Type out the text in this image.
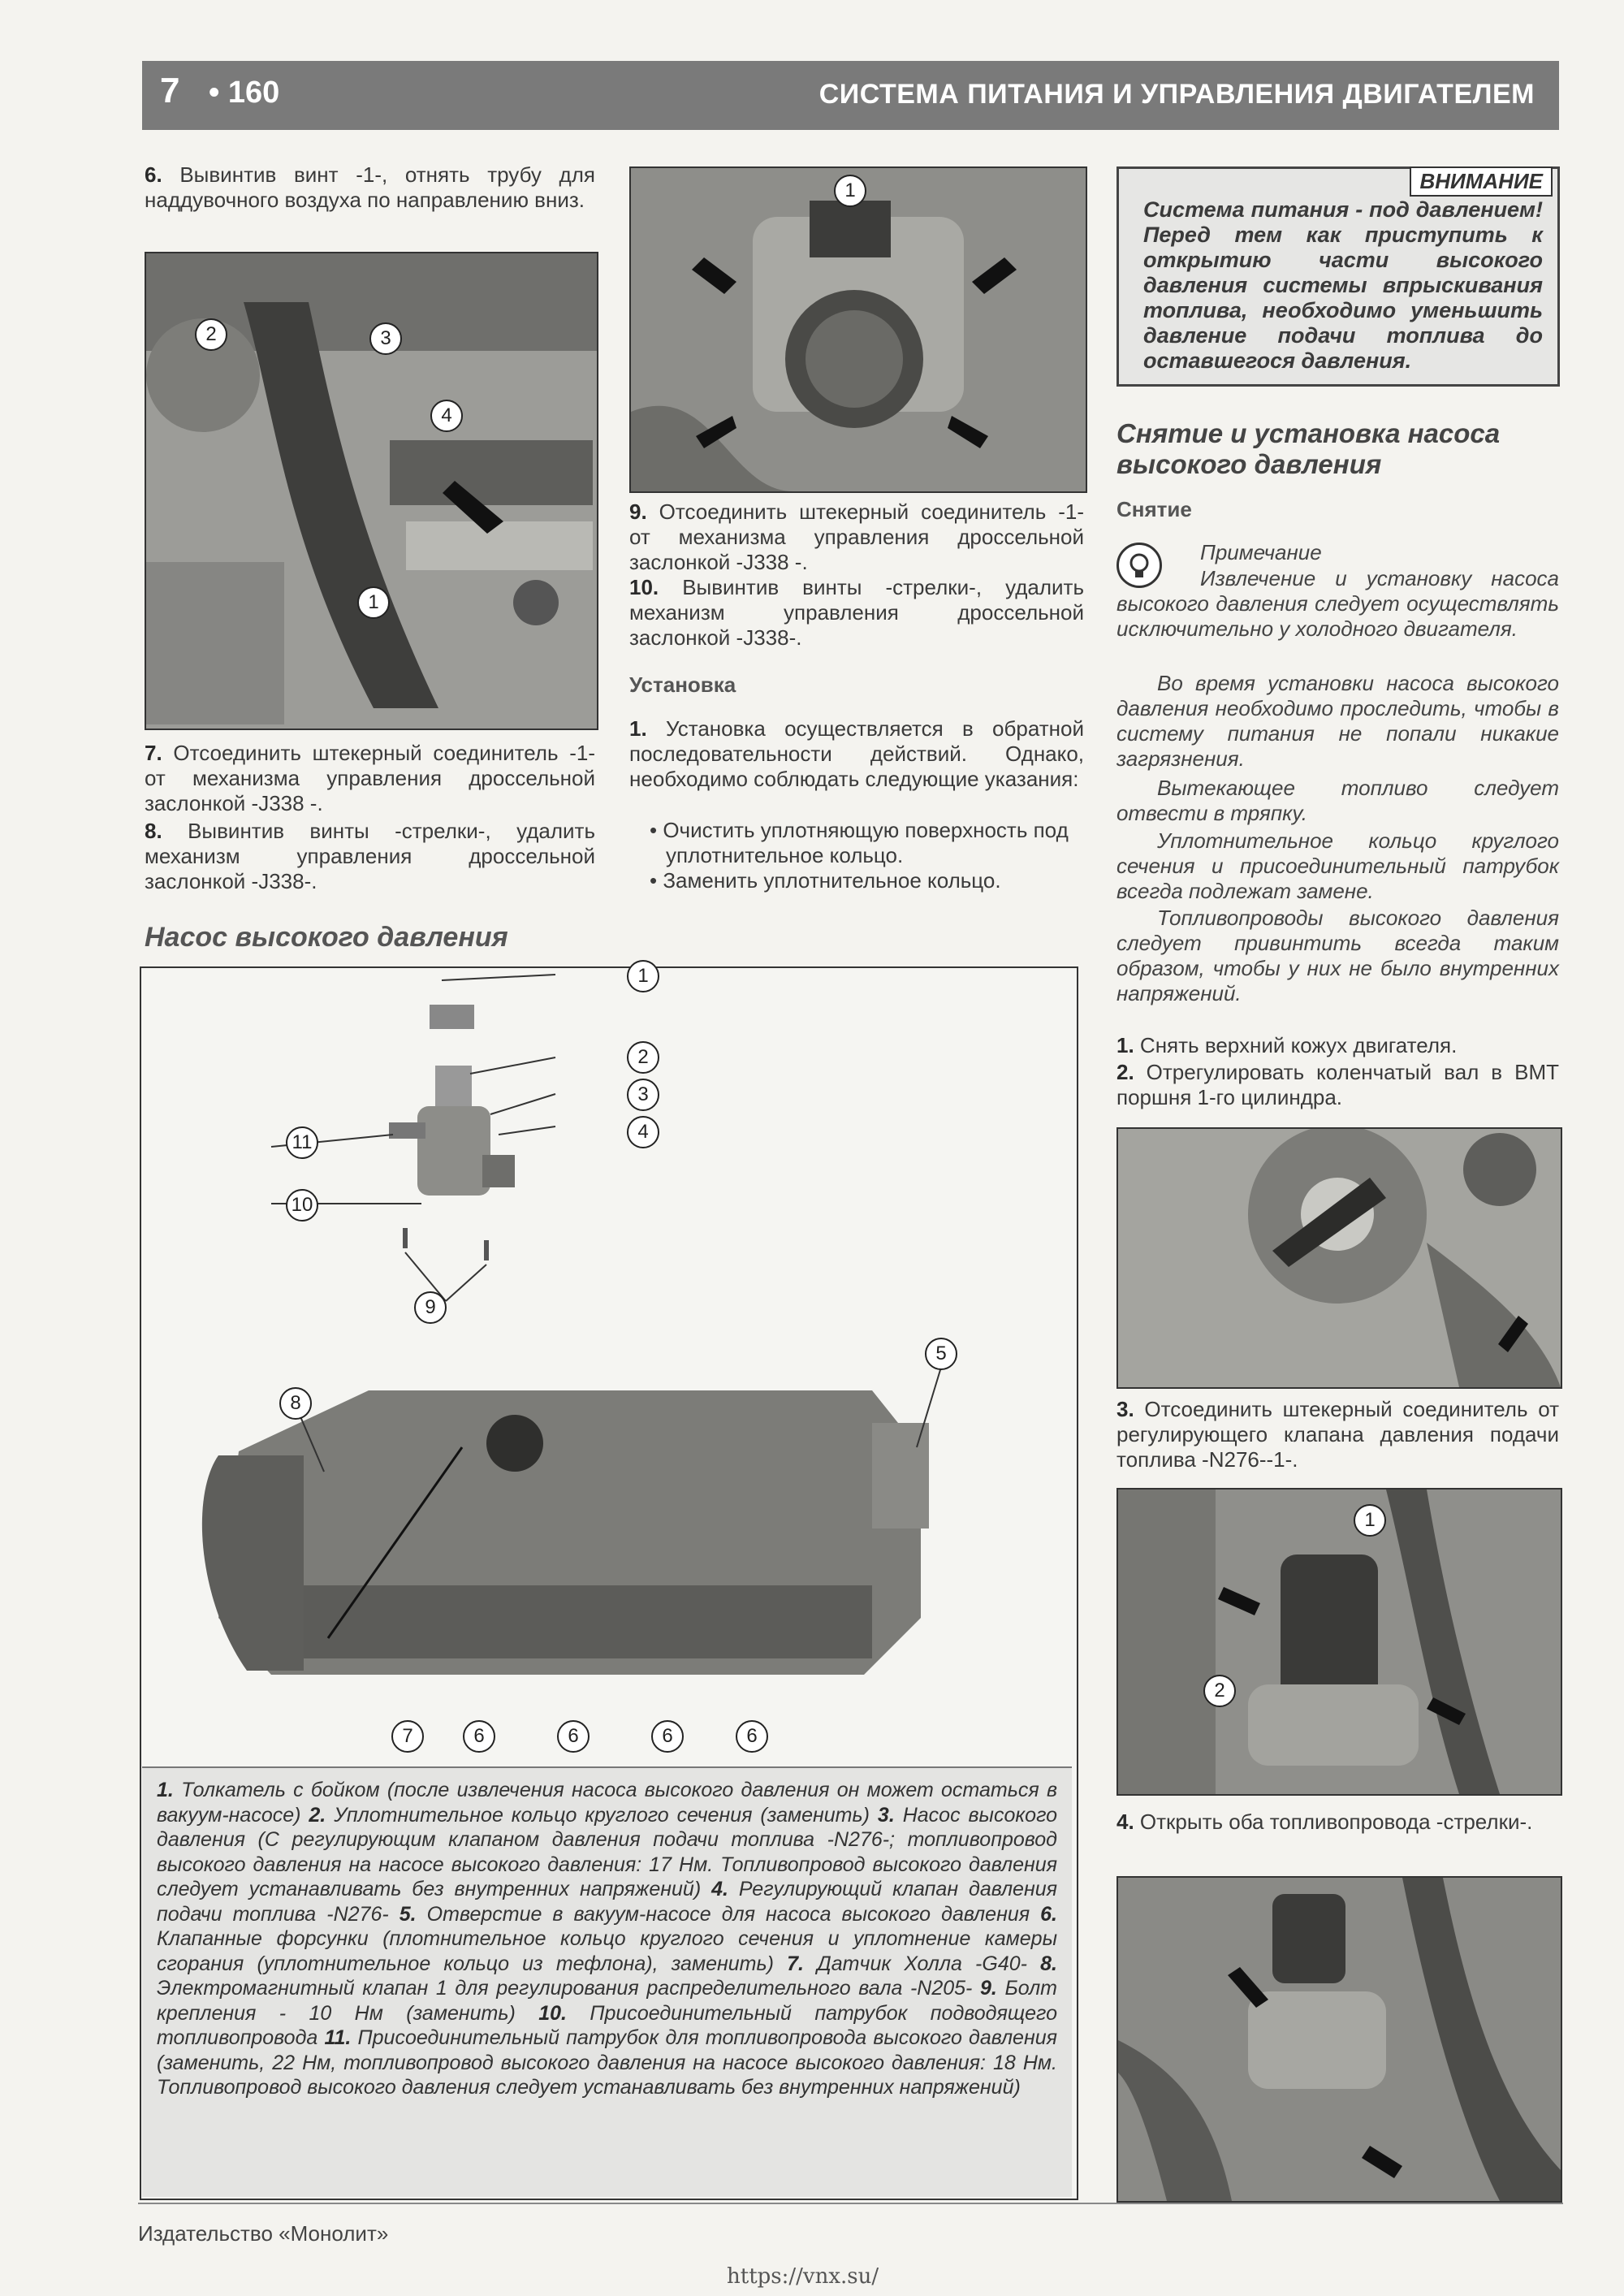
7 • 160	СИСТЕМА ПИТАНИЯ И УПРАВЛЕНИЯ ДВИГАТЕЛЕМ
6. Вывинтив винт -1-, отнять трубу для наддувочного воздуха по направлению вниз.
1
2	3
4
7. Отсоединить штекерный соединитель -1- от механизма управления дроссельной заслонкой -J338 -.
8. Вывинтив винты -стрелки-, удалить механизм управления дроссельной заслонкой -J338-.
1
9. Отсоединить штекерный соединитель -1- от механизма управления дроссельной заслонкой -J338 -.
10. Вывинтив винты -стрелки-, удалить механизм управления дроссельной заслонкой -J338-.
Установка
1. Установка осуществляется в обратной последовательности действий. Однако, необходимо соблюдать следующие указания:
• Очистить уплотняющую поверхность под уплотнительное кольцо.
• Заменить уплотнительное кольцо.
Насос высокого давления
1
2
3
4
11
10
9
8
5
7	6	6	6	6
1. Толкатель с бойком (после извлечения насоса высокого давления он может остаться в вакуум-насосе) 2. Уплотнительное кольцо круглого сечения (заменить) 3. Насос высокого давления (С регулирующим клапаном давления подачи топлива -N276-; топливопровод высокого давления на насосе высокого давления: 17 Нм. Топливопровод высокого давления следует устанавливать без внутренних напряжений) 4. Регулирующий клапан давления подачи топлива -N276- 5. Отверстие в вакуум-насосе для насоса высокого давления 6. Клапанные форсунки (плотнительное кольцо круглого сечения и уплотнение камеры сгорания (уплотнительное кольцо из тефлона), заменить) 7. Датчик Холла -G40- 8. Электромагнитный клапан 1 для регулирования распределительного вала -N205- 9. Болт крепления - 10 Нм (заменить) 10. Присоединительный патрубок подводящего топливопровода 11. Присоединительный патрубок для топливопровода высокого давления (заменить, 22 Нм, топливопровод высокого давления на насосе высокого давления: 18 Нм. Топливопровод высокого давления следует устанавливать без внутренних напряжений)
ВНИМАНИЕ
Система питания - под давлением! Перед тем как приступить к открытию части высокого давления системы впрыскивания топлива, необходимо уменьшить давление подачи топлива до оставшегося давления.
Снятие и установка насоса высокого давления
Снятие
Примечание
Извлечение и установку насоса высокого давления следует осуществлять исключительно у холодного двигателя.
Во время установки насоса высокого давления необходимо проследить, чтобы в систему питания не попали никакие загрязнения.
Вытекающее топливо следует отвести в тряпку.
Уплотнительное кольцо круглого сечения и присоединительный патрубок всегда подлежат замене.
Топливопроводы высокого давления следует привинтить всегда таким образом, чтобы у них не было внутренних напряжений.
1. Снять верхний кожух двигателя.
2. Отрегулировать коленчатый вал в ВМТ поршня 1-го цилиндра.
3. Отсоединить штекерный соединитель от регулирующего клапана давления подачи топлива -N276--1-.
1
2
4. Открыть оба топливопровода -стрелки-.
Издательство «Монолит»
https://vnx.su/
